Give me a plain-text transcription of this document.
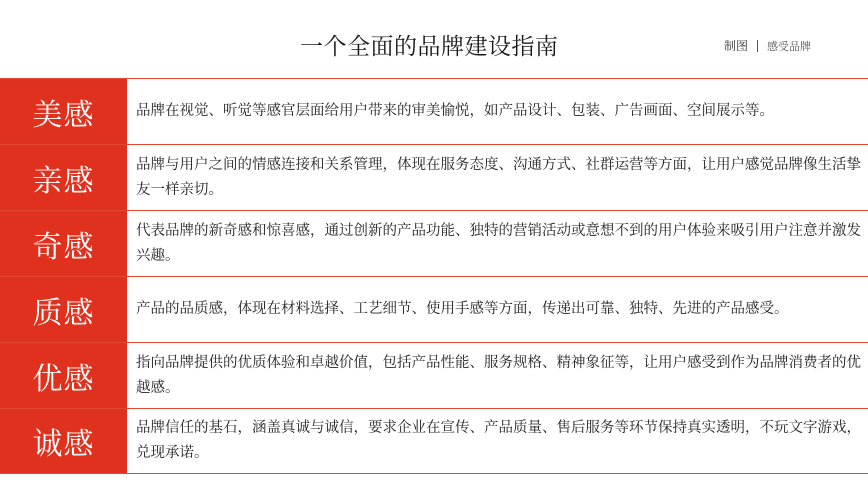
一个全面的品牌建设指南	制图 感受品牌
美感	品牌在视觉、听觉等感官层面给用户带来的审美愉悦，如产品设计、包装、广告画面、空间展示等。
亲感	品牌与用户之间的情感连接和关系管理，体现在服务态度、沟通方式、社群运营等方面，让用户感觉品牌像生活挚友一样亲切。
奇感	代表品牌的新奇感和惊喜感，通过创新的产品功能、独特的营销活动或意想不到的用户体验来吸引用户注意并激发兴趣。
质感	产品的品质感，体现在材料选择、工艺细节、使用手感等方面，传递出可靠、独特、先进的产品感受。
优感	指向品牌提供的优质体验和卓越价值，包括产品性能、服务规格、精神象征等，让用户感受到作为品牌消费者的优越感。
诚感	品牌信任的基石，涵盖真诚与诚信，要求企业在宣传、产品质量、售后服务等环节保持真实透明，不玩文字游戏，兑现承诺。
